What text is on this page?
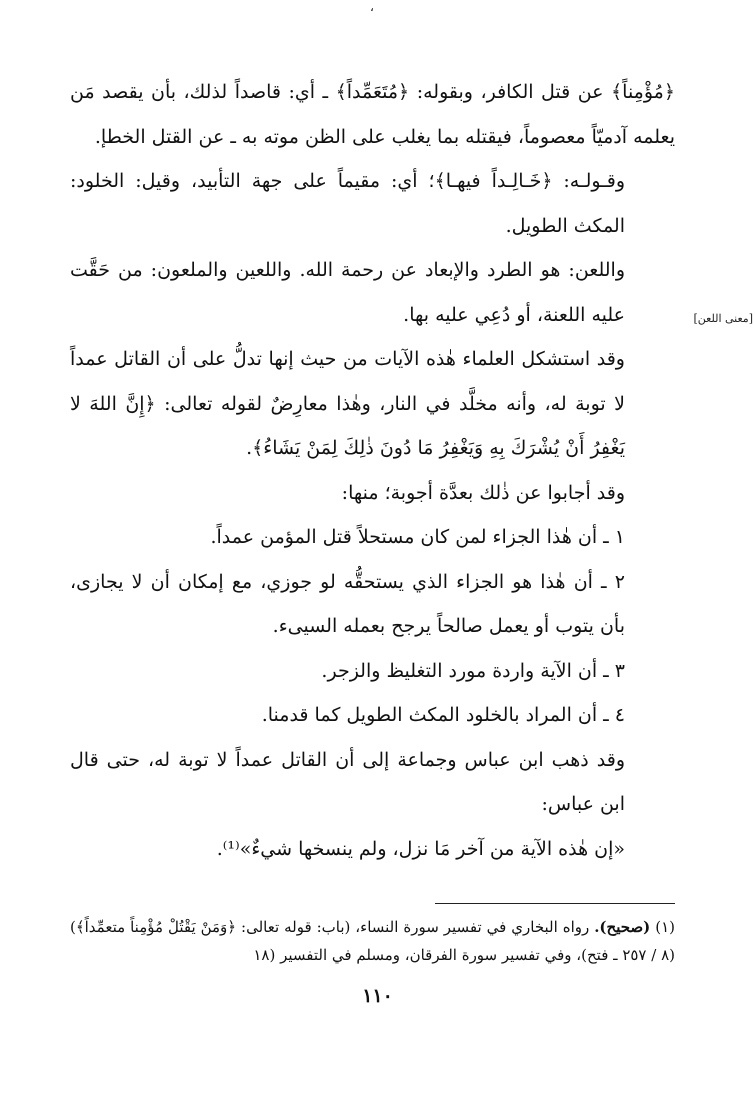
،
[معنى اللعن]

﴿مُؤْمِناً﴾ عن قتل الكافر، وبقوله: ﴿مُتَعَمِّداً﴾ ـ أي: قاصداً لذلك، بأن يقصد مَن يعلمه آدميّاً معصوماً، فيقتله بما يغلب على الظن موته به ـ عن القتل الخطإ.

وقـولـه: ﴿خَـالِـداً فيهـا﴾؛ أي: مقيماً على جهة التأبيد، وقيل: الخلود: المكث الطويل.

واللعن: هو الطرد والإبعاد عن رحمة الله. واللعين والملعون: من حَقَّت عليه اللعنة، أو دُعِي عليه بها.

وقد استشكل العلماء هٰذه الآيات من حيث إنها تدلُّ على أن القاتل عمداً لا توبة له، وأنه مخلَّد في النار، وهٰذا معارِضٌ لقوله تعالى: ﴿إِنَّ اللهَ لا يَغْفِرُ أَنْ يُشْرَكَ بِهِ وَيَغْفِرُ مَا دُونَ ذٰلِكَ لِمَنْ يَشَاءُ﴾.

وقد أجابوا عن ذٰلك بعدَّة أجوبة؛ منها:

١ ـ أن هٰذا الجزاء لمن كان مستحلاً قتل المؤمن عمداً.

٢ ـ أن هٰذا هو الجزاء الذي يستحقُّه لو جوزي، مع إمكان أن لا يجازى، بأن يتوب أو يعمل صالحاً يرجح بعمله السيىء.

٣ ـ أن الآية واردة مورد التغليظ والزجر.

٤ ـ أن المراد بالخلود المكث الطويل كما قدمنا.

وقد ذهب ابن عباس وجماعة إلى أن القاتل عمداً لا توبة له، حتى قال ابن عباس:

«إن هٰذه الآية من آخر مَا نزل، ولم ينسخها شيءٌ»⁽¹⁾.

(١) (صحيح). رواه البخاري في تفسير سورة النساء، (باب: قوله تعالى: ﴿وَمَنْ يَقْتُلْ مُؤْمِناً متعمِّداً﴾) (٨ / ٢٥٧ ـ فتح)، وفي تفسير سورة الفرقان، ومسلم في التفسير (١٨

١١٠
